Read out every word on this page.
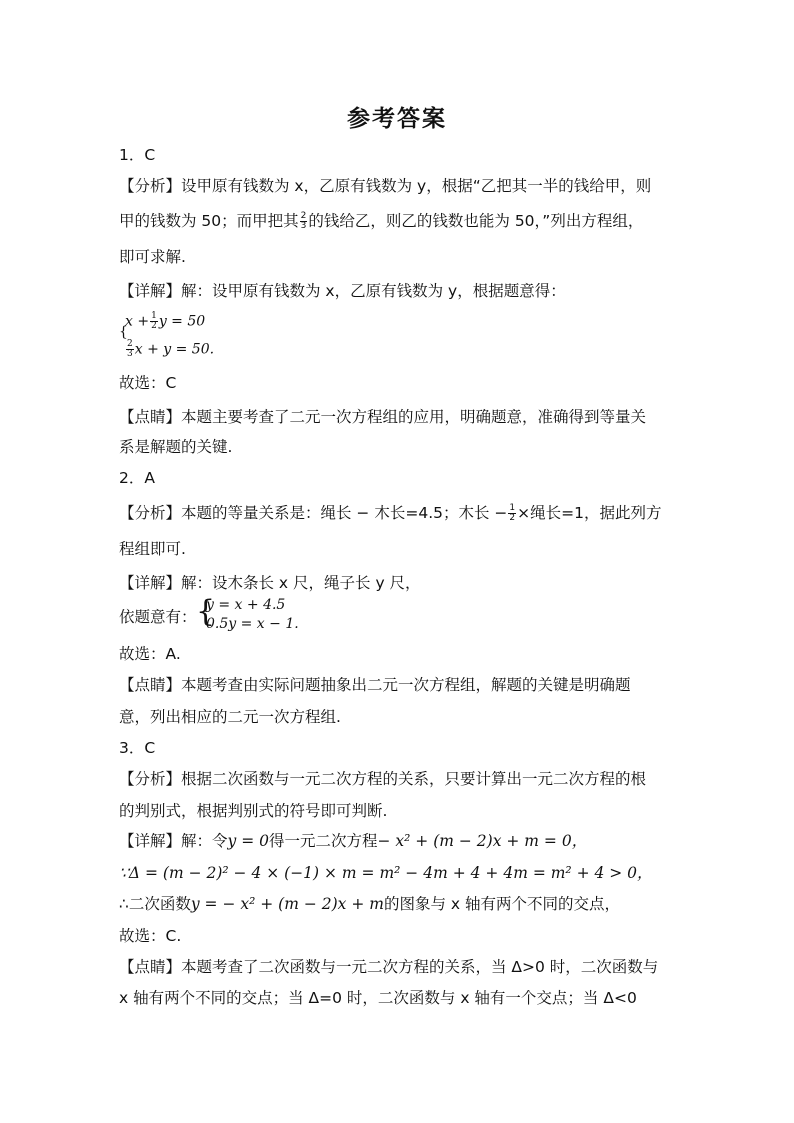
参考答案
1．C
【分析】设甲原有钱数为 x，乙原有钱数为 y，根据“乙把其一半的钱给甲，则
甲的钱数为 50；而甲把其 $\frac{2}{3}$ 的钱给乙，则乙的钱数也能为 50，”列出方程组，
即可求解.
【详解】解：设甲原有钱数为 x，乙原有钱数为 y，根据题意得：
{
$x + \frac{1}{2}$ y = 50
$\frac{2}{3}$ x + y = 50.
故选：C
【点睛】本题主要考查了二元一次方程组的应用，明确题意，准确得到等量关
系是解题的关键.
2．A
【分析】本题的等量关系是：绳长 − 木长=4.5；木长 − $\frac{1}{2}$ ×绳长=1，据此列方
程组即可.
【详解】解：设木条长 x 尺，绳子长 y 尺，
依题意有： {
y = x + 4.5
0.5y = x − 1.
故选：A.
【点睛】本题考查由实际问题抽象出二元一次方程组，解题的关键是明确题
意，列出相应的二元一次方程组.
3．C
【分析】根据二次函数与一元二次方程的关系，只要计算出一元二次方程的根
的判别式，根据判别式的符号即可判断.
【详解】解：令y = 0得一元二次方程− x² + (m − 2)x + m = 0，
∵Δ = (m − 2)² − 4 × (−1) × m = m² − 4m + 4 + 4m = m² + 4 > 0，
∴二次函数y = − x² + (m − 2)x + m的图象与 x 轴有两个不同的交点，
故选：C.
【点睛】本题考查了二次函数与一元二次方程的关系，当 Δ>0 时，二次函数与
x 轴有两个不同的交点；当 Δ=0 时，二次函数与 x 轴有一个交点；当 Δ<0
